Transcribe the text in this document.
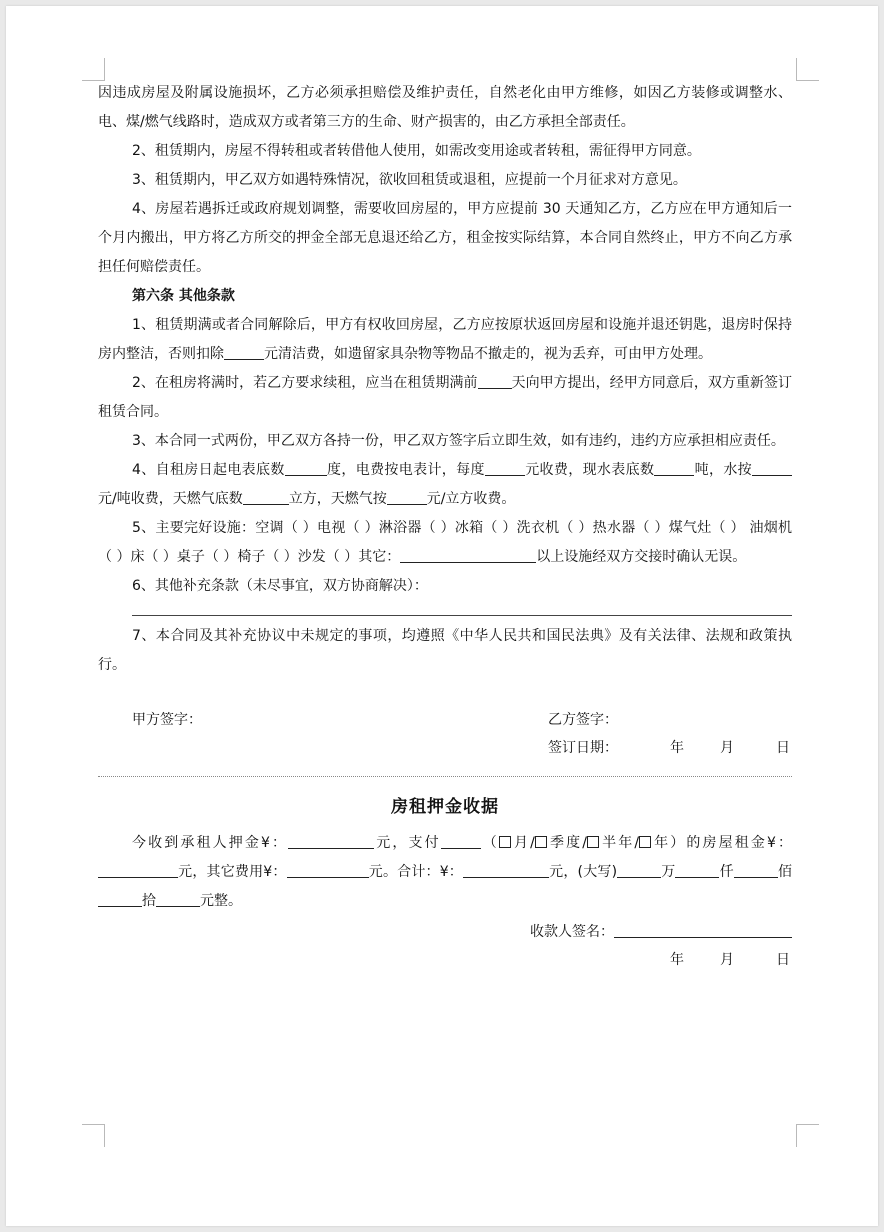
因违成房屋及附属设施损坏，乙方必须承担赔偿及维护责任，自然老化由甲方维修，如因乙方装修或调整水、电、煤/燃气线路时，造成双方或者第三方的生命、财产损害的，由乙方承担全部责任。

2、租赁期内，房屋不得转租或者转借他人使用，如需改变用途或者转租，需征得甲方同意。

3、租赁期内，甲乙双方如遇特殊情况，欲收回租赁或退租，应提前一个月征求对方意见。

4、房屋若遇拆迁或政府规划调整，需要收回房屋的，甲方应提前 30 天通知乙方，乙方应在甲方通知后一个月内搬出，甲方将乙方所交的押金全部无息退还给乙方，租金按实际结算，本合同自然终止，甲方不向乙方承担任何赔偿责任。

第六条 其他条款

1、租赁期满或者合同解除后，甲方有权收回房屋，乙方应按原状返回房屋和设施并退还钥匙，退房时保持房内整洁，否则扣除	元清洁费，如遗留家具杂物等物品不撤走的，视为丢弃，可由甲方处理。

2、在租房将满时，若乙方要求续租，应当在租赁期满前 天向甲方提出，经甲方同意后，双方重新签订租赁合同。

3、本合同一式两份，甲乙双方各持一份，甲乙双方签字后立即生效，如有违约，违约方应承担相应责任。

4、自租房日起电表底数	度，电费按电表计，每度	元收费，现水表底数	吨，水按元/吨收费，天燃气底数	立方，天燃气按	元/立方收费。

5、主要完好设施：空调（ ）电视（ ）淋浴器（ ）冰箱（ ）洗衣机（ ）热水器（ ）煤气灶（ ） 油烟机（ ）床（ ）桌子（ ）椅子（ ）沙发（ ）其它：	以上设施经双方交接时确认无误。

6、其他补充条款（未尽事宜，双方协商解决）：

7、本合同及其补充协议中未规定的事项，均遵照《中华人民共和国民法典》及有关法律、法规和政策执行。

甲方签字：	乙方签字：
签订日期：	年	月	日
房租押金收据

今收到承租人押金¥：	元，支付	（ 月/ 季度/ 半年/ 年）的房屋租金¥：元，其它费用¥：	元。合计：¥：	元，(大写)	万	仟	佰拾	元整。

收款人签名：
年	月	日
